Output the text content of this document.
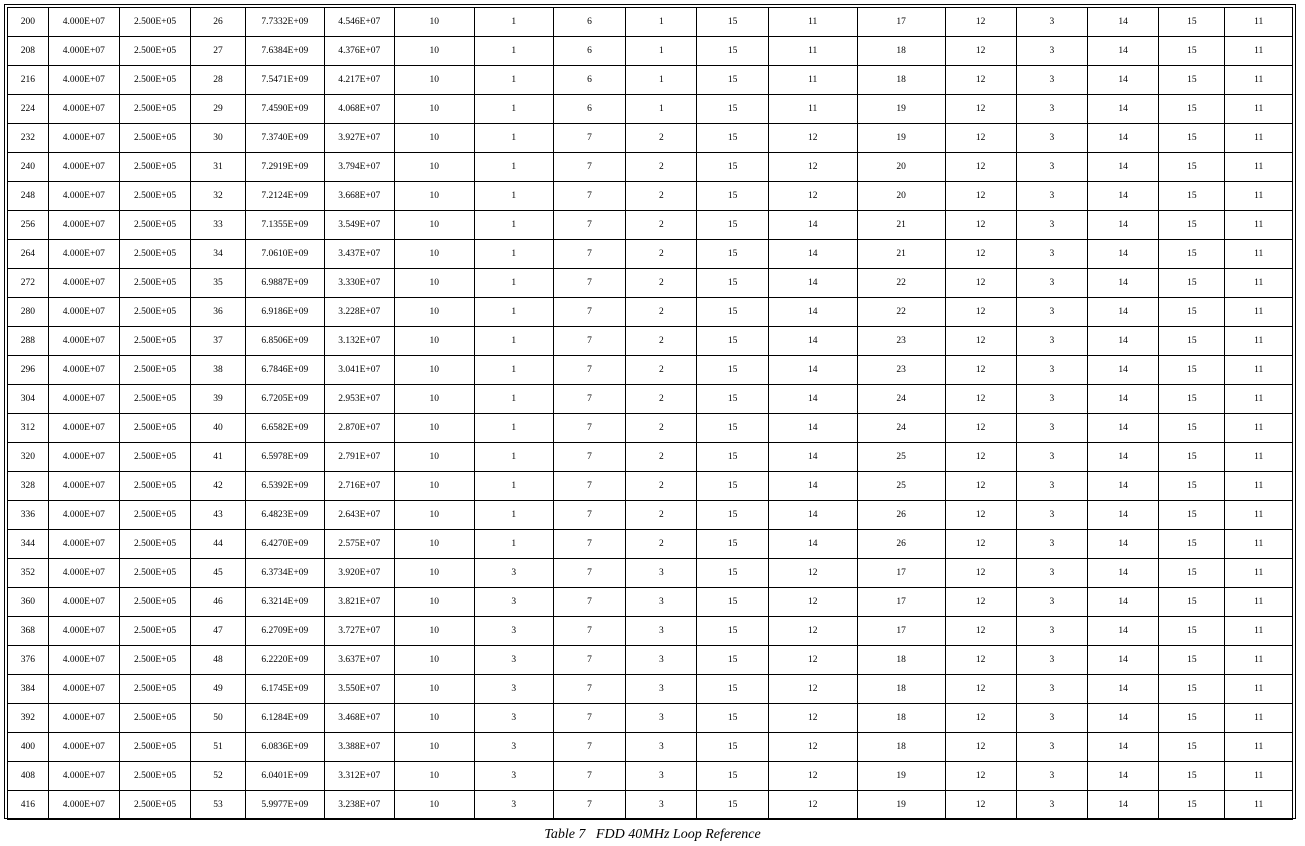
200	4.000E+07	2.500E+05	26	7.7332E+09	4.546E+07	10	1	6	1	15	11	17	12	3	14	15	11
208	4.000E+07	2.500E+05	27	7.6384E+09	4.376E+07	10	1	6	1	15	11	18	12	3	14	15	11
216	4.000E+07	2.500E+05	28	7.5471E+09	4.217E+07	10	1	6	1	15	11	18	12	3	14	15	11
224	4.000E+07	2.500E+05	29	7.4590E+09	4.068E+07	10	1	6	1	15	11	19	12	3	14	15	11
232	4.000E+07	2.500E+05	30	7.3740E+09	3.927E+07	10	1	7	2	15	12	19	12	3	14	15	11
240	4.000E+07	2.500E+05	31	7.2919E+09	3.794E+07	10	1	7	2	15	12	20	12	3	14	15	11
248	4.000E+07	2.500E+05	32	7.2124E+09	3.668E+07	10	1	7	2	15	12	20	12	3	14	15	11
256	4.000E+07	2.500E+05	33	7.1355E+09	3.549E+07	10	1	7	2	15	14	21	12	3	14	15	11
264	4.000E+07	2.500E+05	34	7.0610E+09	3.437E+07	10	1	7	2	15	14	21	12	3	14	15	11
272	4.000E+07	2.500E+05	35	6.9887E+09	3.330E+07	10	1	7	2	15	14	22	12	3	14	15	11
280	4.000E+07	2.500E+05	36	6.9186E+09	3.228E+07	10	1	7	2	15	14	22	12	3	14	15	11
288	4.000E+07	2.500E+05	37	6.8506E+09	3.132E+07	10	1	7	2	15	14	23	12	3	14	15	11
296	4.000E+07	2.500E+05	38	6.7846E+09	3.041E+07	10	1	7	2	15	14	23	12	3	14	15	11
304	4.000E+07	2.500E+05	39	6.7205E+09	2.953E+07	10	1	7	2	15	14	24	12	3	14	15	11
312	4.000E+07	2.500E+05	40	6.6582E+09	2.870E+07	10	1	7	2	15	14	24	12	3	14	15	11
320	4.000E+07	2.500E+05	41	6.5978E+09	2.791E+07	10	1	7	2	15	14	25	12	3	14	15	11
328	4.000E+07	2.500E+05	42	6.5392E+09	2.716E+07	10	1	7	2	15	14	25	12	3	14	15	11
336	4.000E+07	2.500E+05	43	6.4823E+09	2.643E+07	10	1	7	2	15	14	26	12	3	14	15	11
344	4.000E+07	2.500E+05	44	6.4270E+09	2.575E+07	10	1	7	2	15	14	26	12	3	14	15	11
352	4.000E+07	2.500E+05	45	6.3734E+09	3.920E+07	10	3	7	3	15	12	17	12	3	14	15	11
360	4.000E+07	2.500E+05	46	6.3214E+09	3.821E+07	10	3	7	3	15	12	17	12	3	14	15	11
368	4.000E+07	2.500E+05	47	6.2709E+09	3.727E+07	10	3	7	3	15	12	17	12	3	14	15	11
376	4.000E+07	2.500E+05	48	6.2220E+09	3.637E+07	10	3	7	3	15	12	18	12	3	14	15	11
384	4.000E+07	2.500E+05	49	6.1745E+09	3.550E+07	10	3	7	3	15	12	18	12	3	14	15	11
392	4.000E+07	2.500E+05	50	6.1284E+09	3.468E+07	10	3	7	3	15	12	18	12	3	14	15	11
400	4.000E+07	2.500E+05	51	6.0836E+09	3.388E+07	10	3	7	3	15	12	18	12	3	14	15	11
408	4.000E+07	2.500E+05	52	6.0401E+09	3.312E+07	10	3	7	3	15	12	19	12	3	14	15	11
416	4.000E+07	2.500E+05	53	5.9977E+09	3.238E+07	10	3	7	3	15	12	19	12	3	14	15	11
Table 7   FDD 40MHz Loop Reference
